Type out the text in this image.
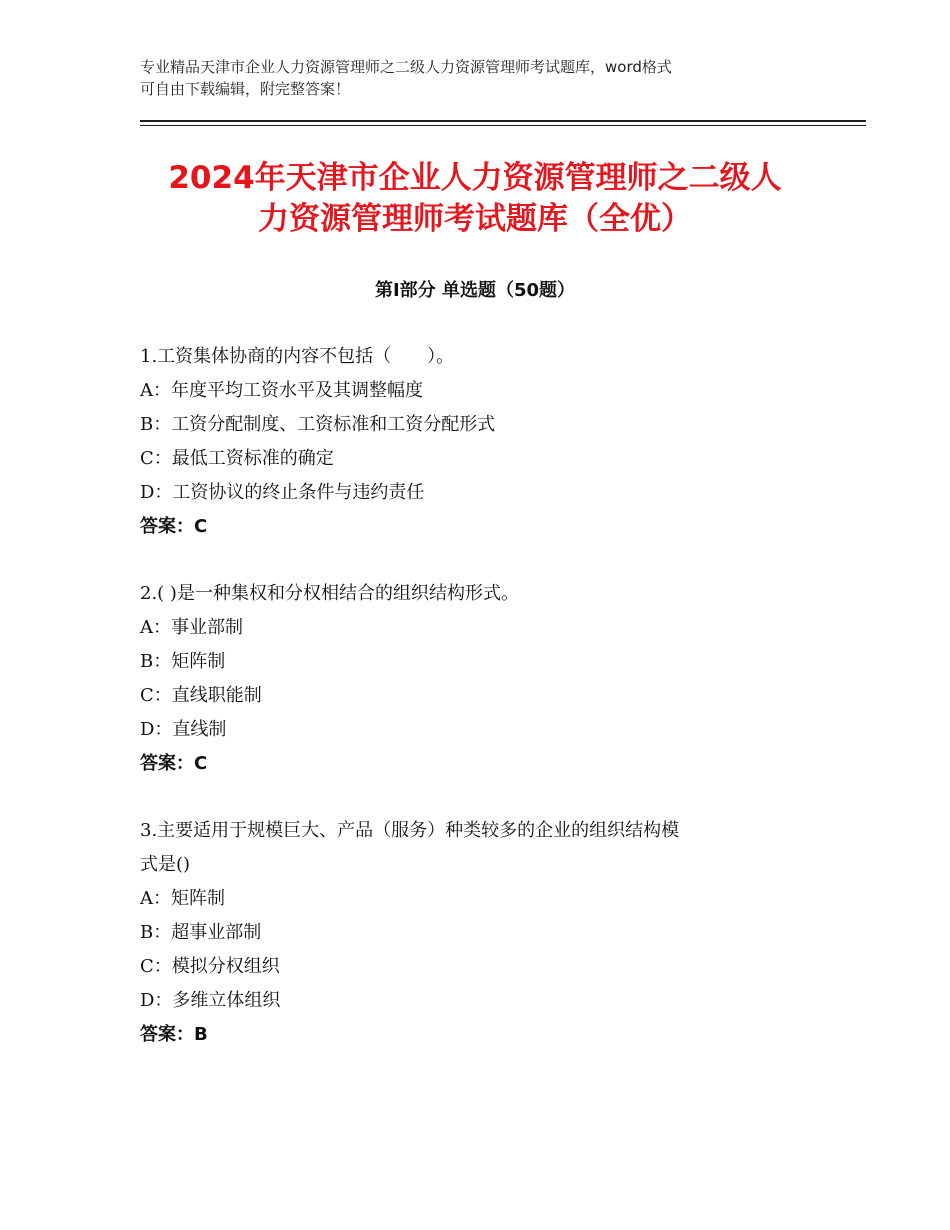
专业精品天津市企业人力资源管理师之二级人力资源管理师考试题库，word格式
可自由下载编辑，附完整答案！
2024年天津市企业人力资源管理师之二级人
力资源管理师考试题库（全优）
第Ⅰ部分 单选题（50题）
1.工资集体协商的内容不包括（　　）。
A：年度平均工资水平及其调整幅度
B：工资分配制度、工资标准和工资分配形式
C：最低工资标准的确定
D：工资协议的终止条件与违约责任
答案：C
2.( )是一种集权和分权相结合的组织结构形式。
A：事业部制
B：矩阵制
C：直线职能制
D：直线制
答案：C
3.主要适用于规模巨大、产品（服务）种类较多的企业的组织结构模
式是()
A：矩阵制
B：超事业部制
C：模拟分权组织
D：多维立体组织
答案：B
